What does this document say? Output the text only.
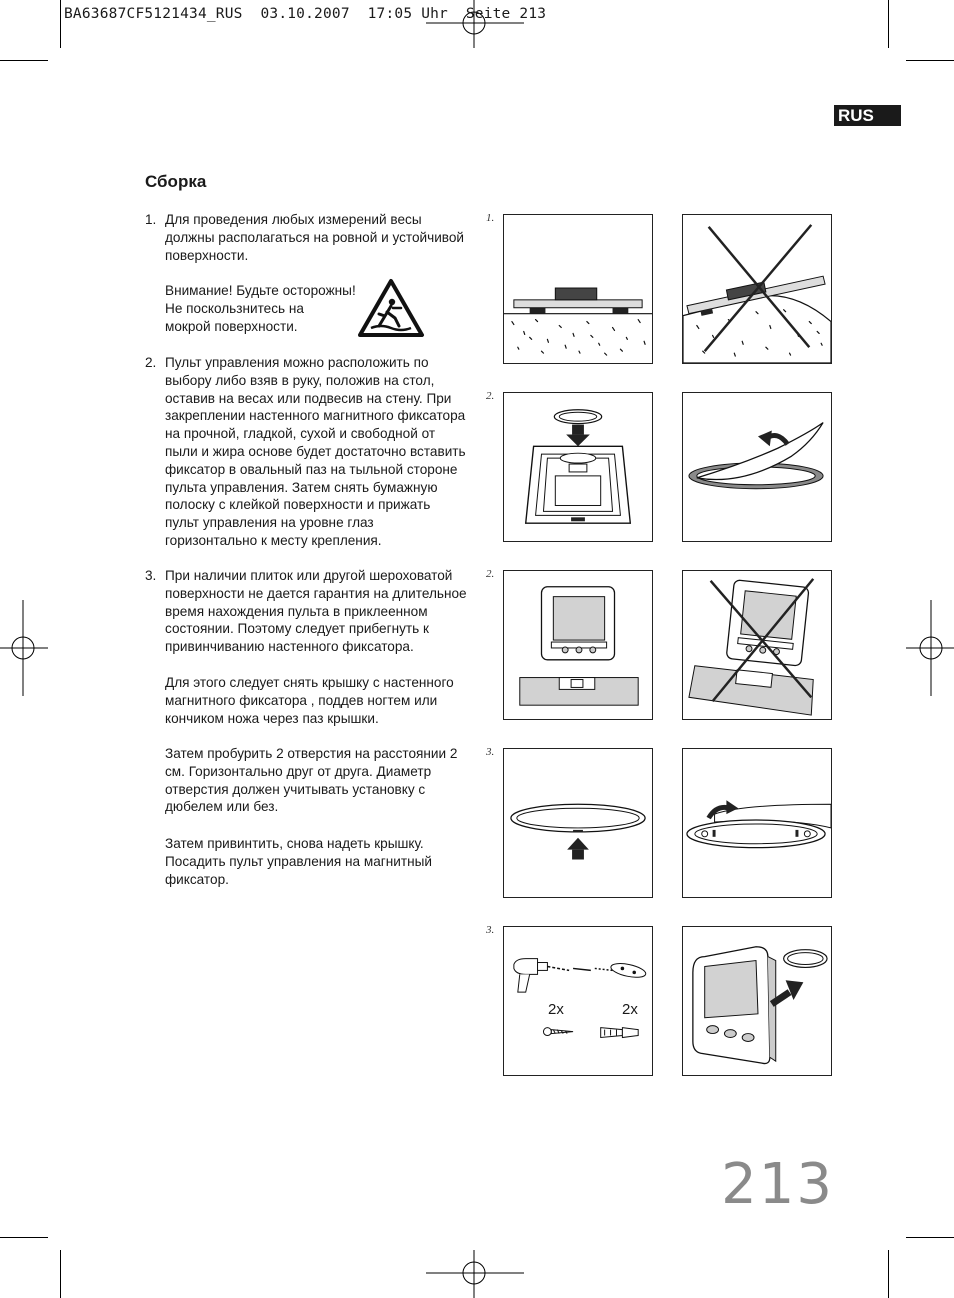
BA63687CF5121434_RUS  03.10.2007  17:05 Uhr  Seite 213
RUS
Сборка
1. Для проведения любых измерений весы
должны располагаться на ровной и устойчивой
поверхности.
Внимание! Будьте осторожны!
Не поскользнитесь на
мокрой поверхности.
2. Пульт управления можно расположить по
выбору либо взяв в руку, положив на стол,
оставив на весах или подвесив на стену. При
закреплении настенного магнитного фиксатора
на прочной, гладкой, сухой и свободной от
пыли и жира основе будет достаточно вставить
фиксатор в овальный паз на тыльной стороне
пульта управления. Затем снять бумажную
полоску с клейкой поверхности и прижать
пульт управления на уровне глаз
горизонтально к месту крепления.
3. При наличии плиток или другой шероховатой
поверхности не дается гарантия на длительное
время нахождения пульта в приклеенном
состоянии. Поэтому следует прибегнуть к
привинчиванию настенного фиксатора.
Для этого следует снять крышку с настенного
магнитного фиксатора , поддев ногтем или
кончиком ножа через паз крышки.
Затем пробурить 2 отверстия на расстоянии 2
см. Горизонтально друг от друга. Диаметр
отверстия должен учитывать установку с
дюбелем или без.
Затем привинтить, снова надеть крышку.
Посадить пульт управления на магнитный
фиксатор.
1.
2.
2.
3.
3.
2x	2x
213
